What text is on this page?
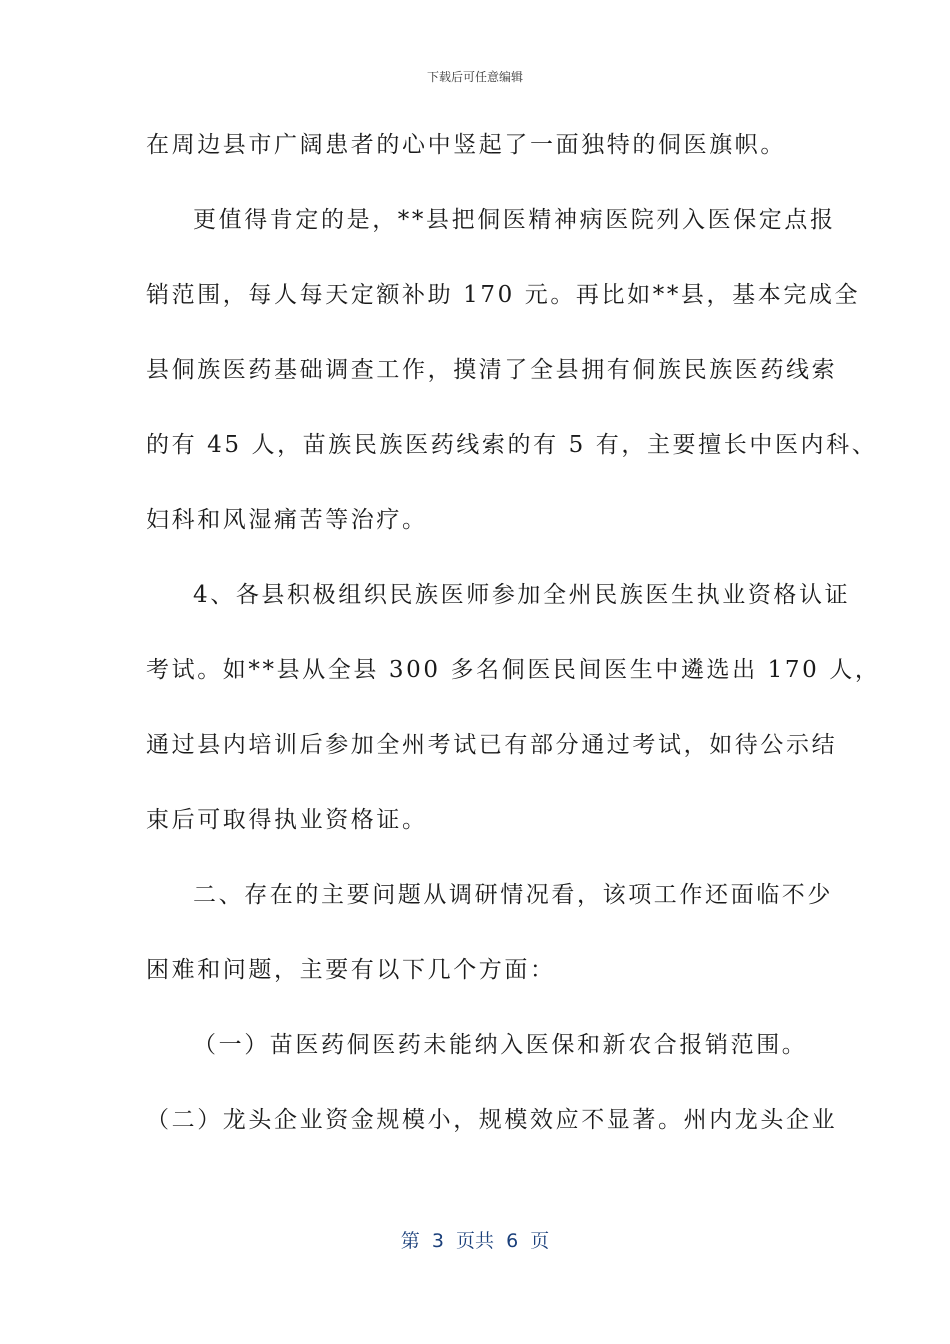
下载后可任意编辑
在周边县市广阔患者的心中竖起了一面独特的侗医旗帜。
更值得肯定的是，**县把侗医精神病医院列入医保定点报
销范围，每人每天定额补助 170 元。再比如**县，基本完成全
县侗族医药基础调查工作，摸清了全县拥有侗族民族医药线索
的有 45 人，苗族民族医药线索的有 5 有，主要擅长中医内科、
妇科和风湿痛苦等治疗。
4、各县积极组织民族医师参加全州民族医生执业资格认证
考试。如**县从全县 300 多名侗医民间医生中遴选出 170 人，
通过县内培训后参加全州考试已有部分通过考试，如待公示结
束后可取得执业资格证。
二、存在的主要问题从调研情况看，该项工作还面临不少
困难和问题，主要有以下几个方面：
（一）苗医药侗医药未能纳入医保和新农合报销范围。
（二）龙头企业资金规模小，规模效应不显著。州内龙头企业
第  3  页共  6  页
